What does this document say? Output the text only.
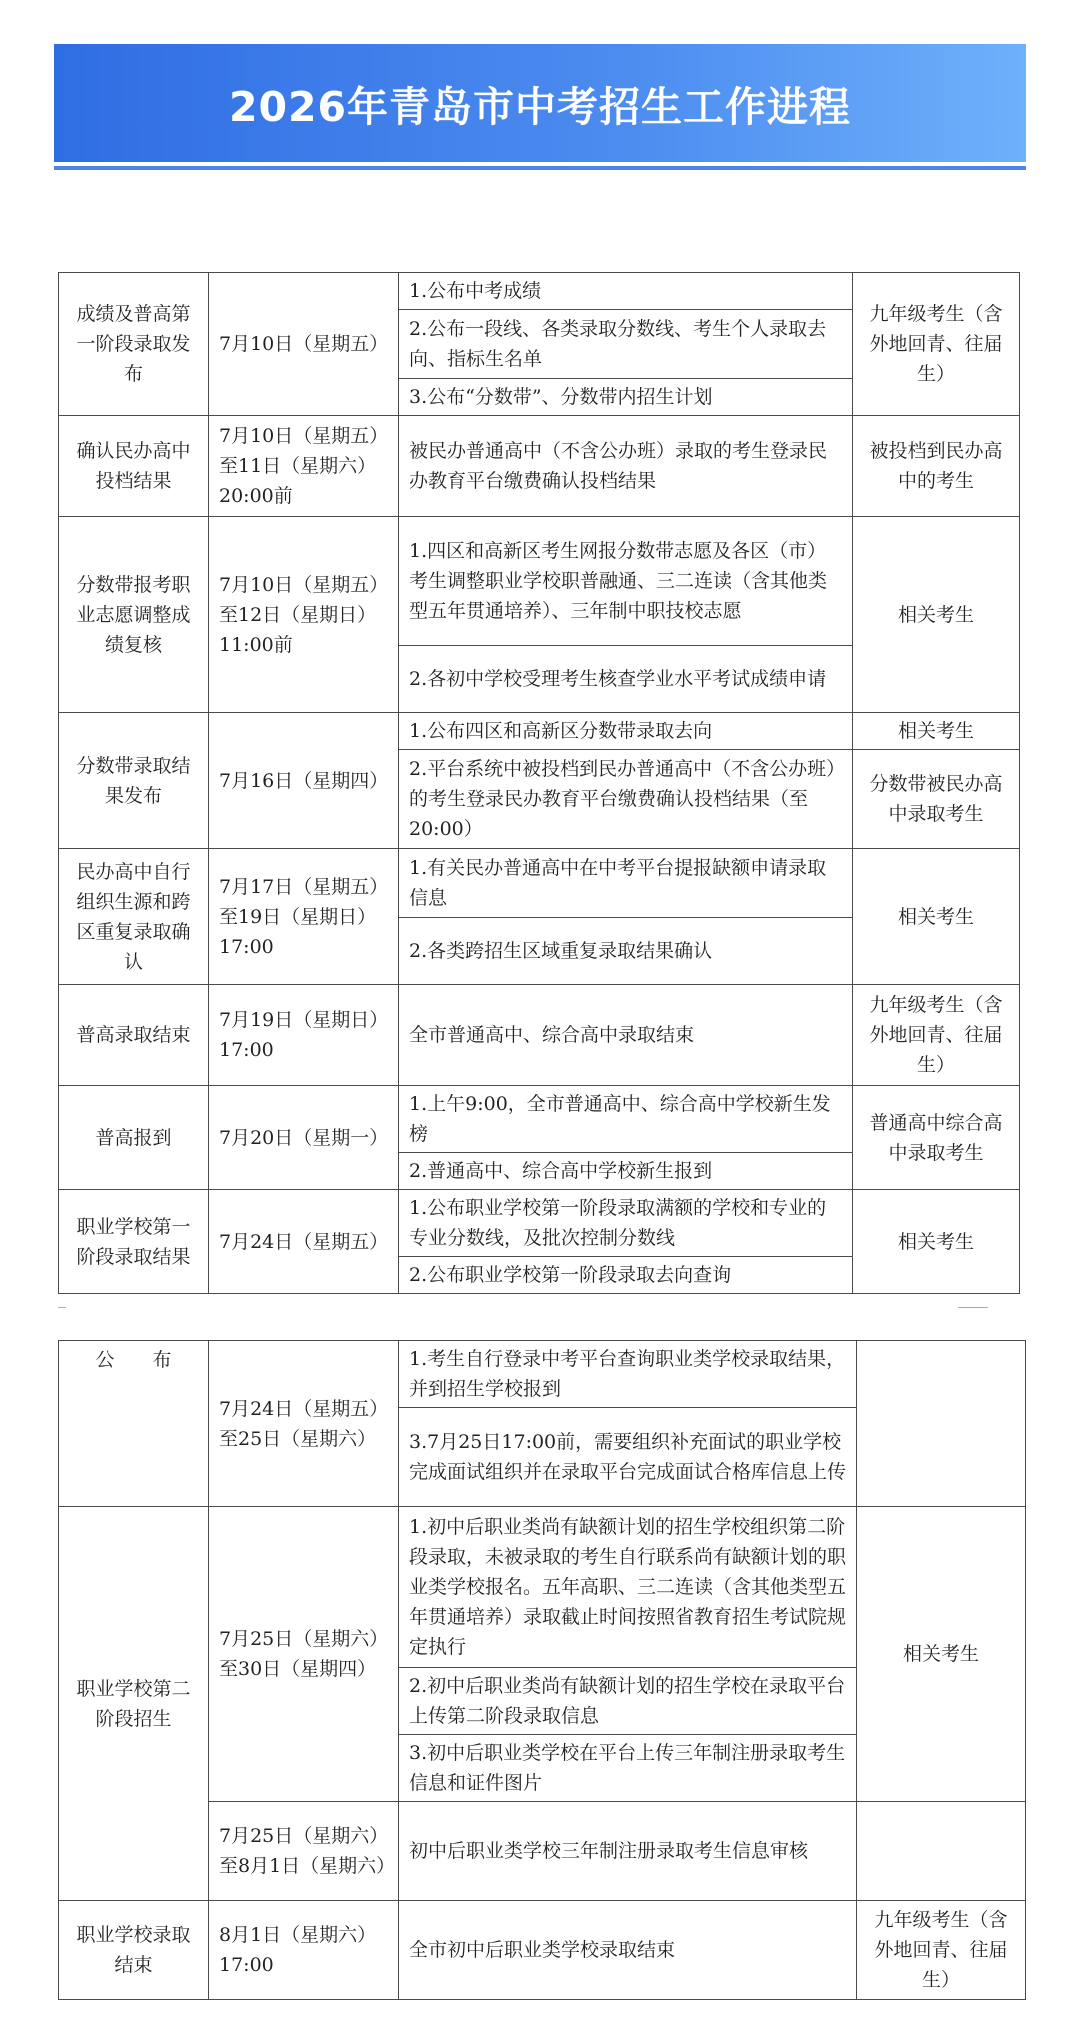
2026年青岛市中考招生工作进程
成绩及普高第一阶段录取发布	7月10日（星期五）	1.公布中考成绩	九年级考生（含外地回青、往届生）
		2.公布一段线、各类录取分数线、考生个人录取去向、指标生名单	
		3.公布“分数带”、分数带内招生计划	
确认民办高中投档结果	7月10日（星期五）至11日（星期六）20:00前	被民办普通高中（不含公办班）录取的考生登录民办教育平台缴费确认投档结果	被投档到民办高中的考生
分数带报考职业志愿调整成绩复核	7月10日（星期五）至12日（星期日）11:00前	1.四区和高新区考生网报分数带志愿及各区（市）考生调整职业学校职普融通、三二连读（含其他类型五年贯通培养）、三年制中职技校志愿	相关考生
		2.各初中学校受理考生核查学业水平考试成绩申请	
分数带录取结果发布	7月16日（星期四）	1.公布四区和高新区分数带录取去向	相关考生
		2.平台系统中被投档到民办普通高中（不含公办班）的考生登录民办教育平台缴费确认投档结果（至20:00）	分数带被民办高中录取考生
民办高中自行组织生源和跨区重复录取确认	7月17日（星期五）至19日（星期日）17:00	1.有关民办普通高中在中考平台提报缺额申请录取信息	相关考生
		2.各类跨招生区域重复录取结果确认	
普高录取结束	7月19日（星期日）17:00	全市普通高中、综合高中录取结束	九年级考生（含外地回青、往届生）
普高报到	7月20日（星期一）	1.上午9:00，全市普通高中、综合高中学校新生发榜	普通高中综合高中录取考生
		2.普通高中、综合高中学校新生报到	
职业学校第一阶段录取结果	7月24日（星期五）	1.公布职业学校第一阶段录取满额的学校和专业的专业分数线，及批次控制分数线	相关考生
		2.公布职业学校第一阶段录取去向查询	
公　　布	7月24日（星期五）至25日（星期六）	1.考生自行登录中考平台查询职业类学校录取结果，并到招生学校报到	
		3.7月25日17:00前，需要组织补充面试的职业学校完成面试组织并在录取平台完成面试合格库信息上传	
职业学校第二阶段招生	7月25日（星期六）至30日（星期四）	1.初中后职业类尚有缺额计划的招生学校组织第二阶段录取，未被录取的考生自行联系尚有缺额计划的职业类学校报名。五年高职、三二连读（含其他类型五年贯通培养）录取截止时间按照省教育招生考试院规定执行	相关考生
		2.初中后职业类尚有缺额计划的招生学校在录取平台上传第二阶段录取信息	
		3.初中后职业类学校在平台上传三年制注册录取考生信息和证件图片	
	7月25日（星期六）至8月1日（星期六）	初中后职业类学校三年制注册录取考生信息审核	
职业学校录取结束	8月1日（星期六）17:00	全市初中后职业类学校录取结束	九年级考生（含外地回青、往届生）
